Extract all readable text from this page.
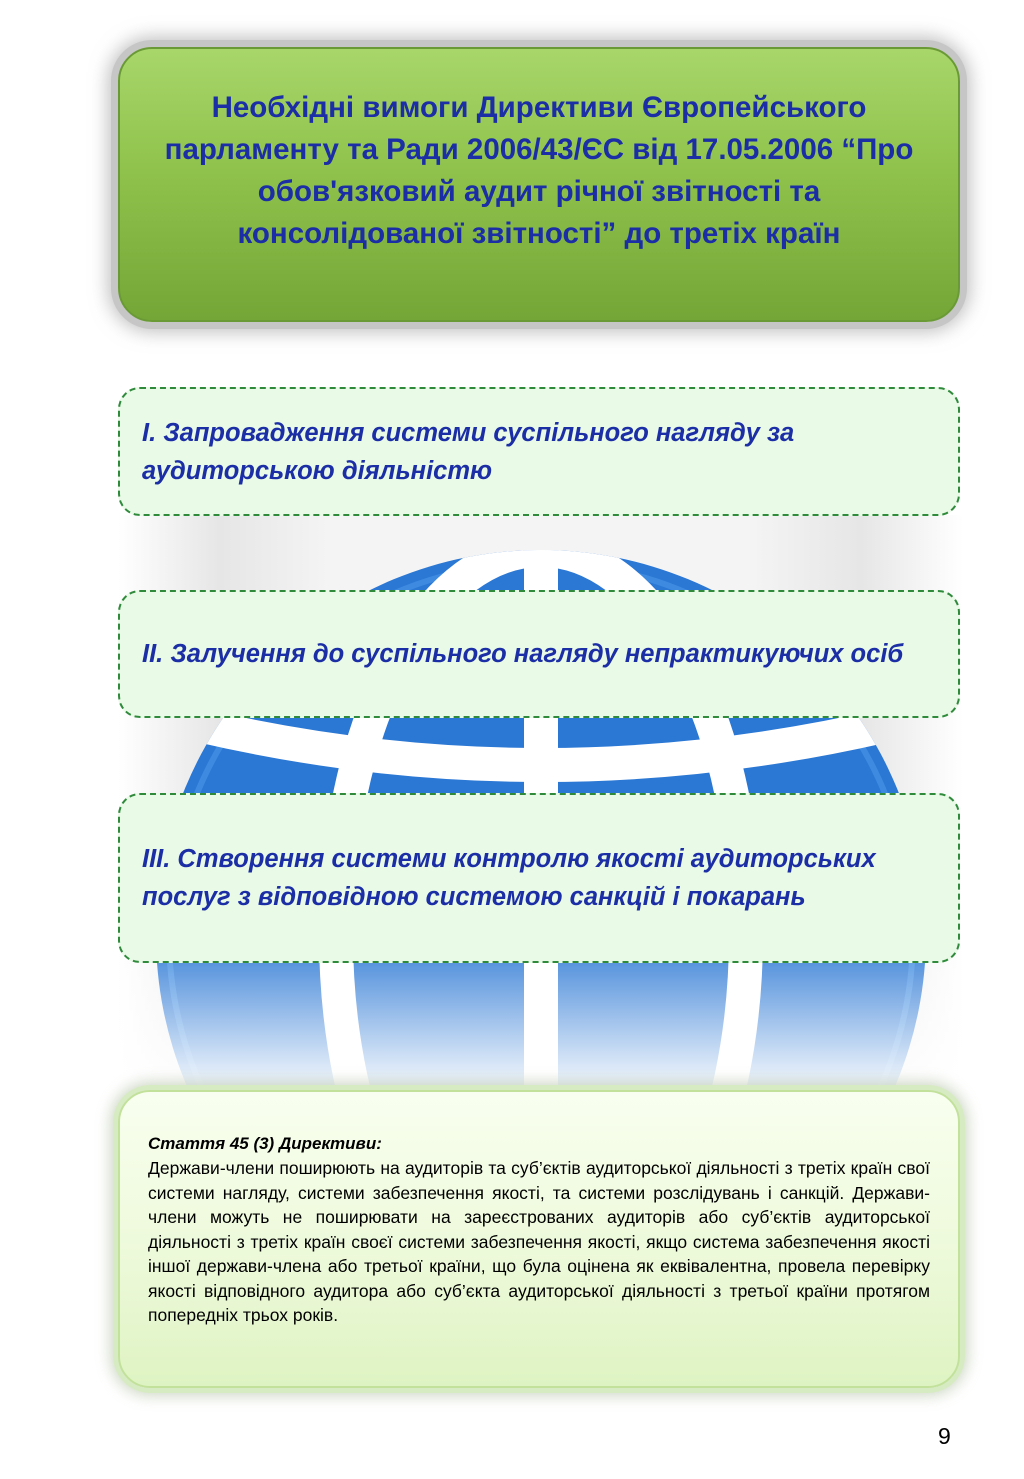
Необхідні вимоги Директиви Європейського парламенту та Ради 2006/43/ЄС від 17.05.2006 “Про обов'язковий аудит річної звітності та консолідованої звітності” до третіх країн
І. Запровадження системи суспільного нагляду за аудиторською діяльністю
ІІ. Залучення до суспільного нагляду непрактикуючих осіб
ІІІ. Створення системи контролю якості аудиторських послуг з відповідною системою санкцій і покарань
Стаття 45 (3) Директиви:
Держави-члени поширюють на аудиторів та суб’єктів аудиторської діяльності з третіх країн свої системи нагляду, системи забезпечення якості, та системи розслідувань і санкцій. Держави-члени можуть не поширювати на зареєстрованих аудиторів або суб’єктів аудиторської діяльності з третіх країн своєї системи забезпечення якості, якщо система забезпечення якості іншої держави-члена або третьої країни, що була оцінена як еквівалентна, провела перевірку якості відповідного аудитора або суб’єкта аудиторської діяльності з третьої країни протягом попередніх трьох років.
9
